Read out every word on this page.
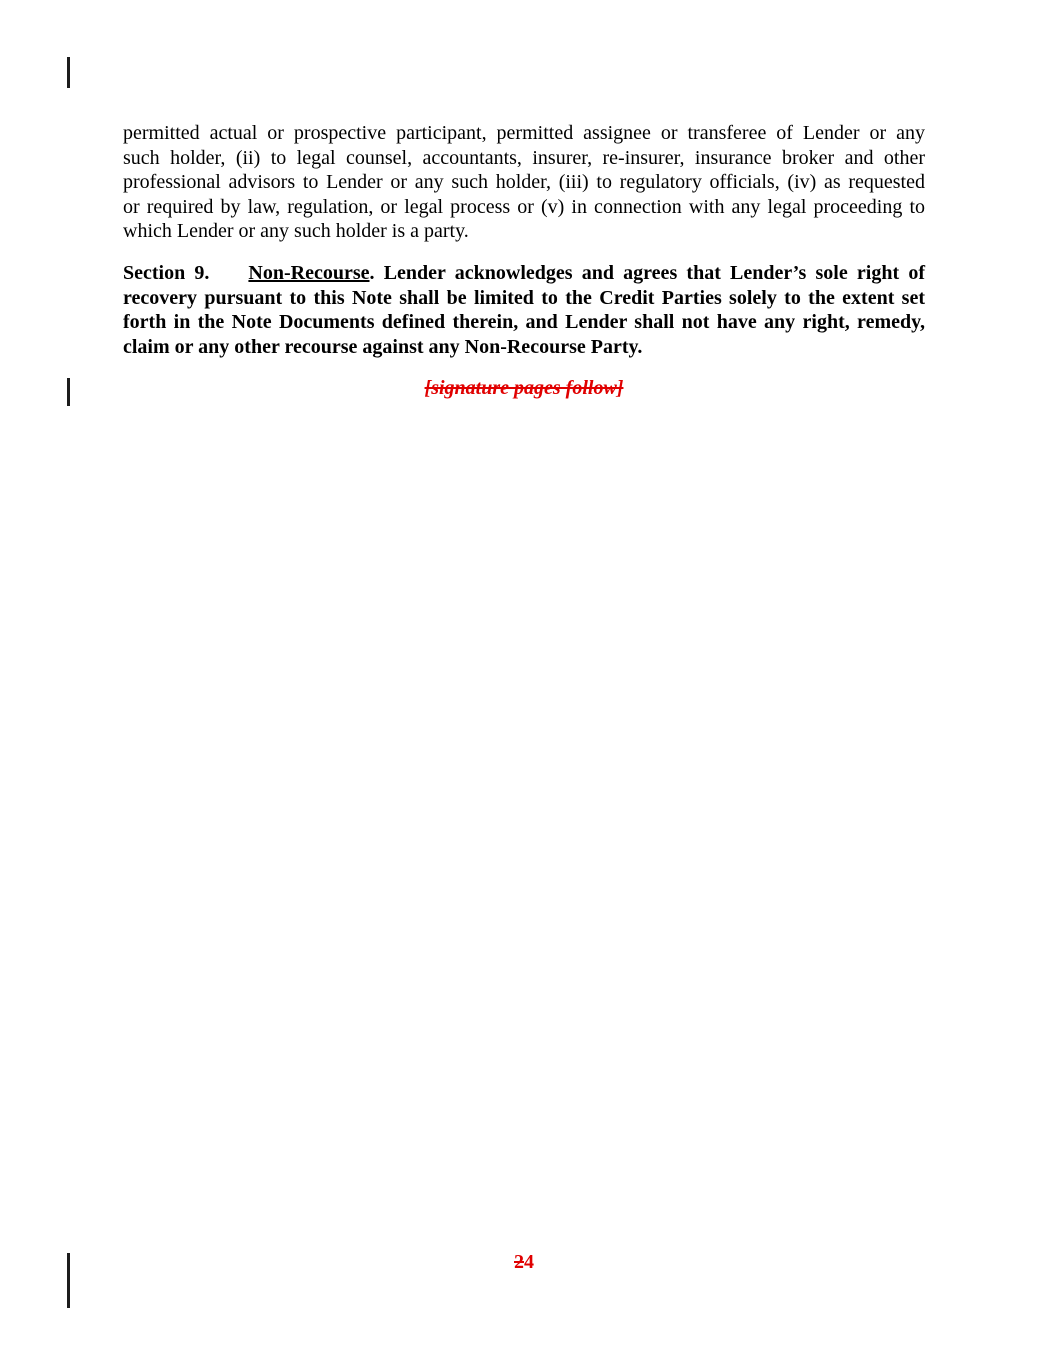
permitted actual or prospective participant, permitted assignee or transferee of Lender or any
such holder, (ii) to legal counsel, accountants, insurer, re-insurer, insurance broker and other
professional advisors to Lender or any such holder, (iii) to regulatory officials, (iv) as requested
or required by law, regulation, or legal process or (v) in connection with any legal proceeding to
which Lender or any such holder is a party.
Section 9. Non-Recourse. Lender acknowledges and agrees that Lender’s sole right of
recovery pursuant to this Note shall be limited to the Credit Parties solely to the extent set
forth in the Note Documents defined therein, and Lender shall not have any right, remedy,
claim or any other recourse against any Non-Recourse Party.
[signature pages follow]
24
